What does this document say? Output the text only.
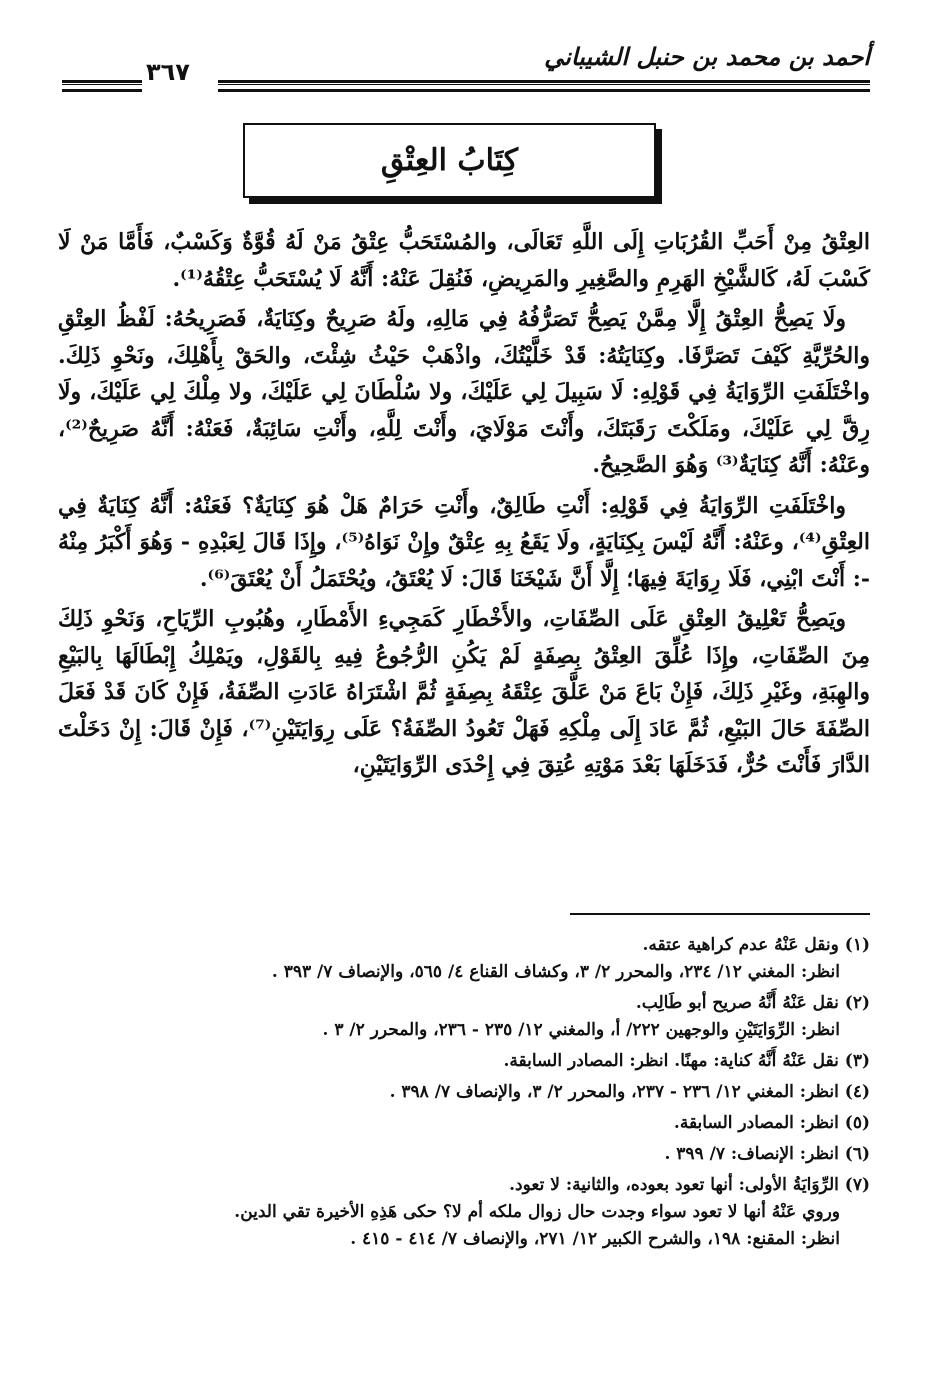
٣٦٧
أحمد بن محمد بن حنبل الشيباني
كِتَابُ العِتْقِ

العِتْقُ مِنْ أَحَبِّ القُرُبَاتِ إِلَى اللَّهِ تَعَالَى، والمُسْتَحَبُّ عِتْقُ مَنْ لَهُ قُوَّةٌ وَكَسْبٌ، فَأَمَّا مَنْ لَا كَسْبَ لَهُ، كَالشَّيْخِ الهَرِمِ والصَّغِيرِ والمَرِيضِ، فَنُقِلَ عَنْهُ: أَنَّهُ لَا يُسْتَحَبُّ عِتْقُهُ⁽¹⁾.

ولَا يَصِحُّ العِتْقُ إِلَّا مِمَّنْ يَصِحُّ تَصَرُّفُهُ فِي مَالِهِ، ولَهُ صَرِيحٌ وكِنَايَةٌ، فَصَرِيحُهُ: لَفْظُ العِتْقِ والحُرِّيَّةِ كَيْفَ تَصَرَّفَا. وكِنَايَتُهُ: قَدْ خَلَّيْتُكَ، واذْهَبْ حَيْثُ شِئْتَ، والحَقْ بِأَهْلِكَ، ونَحْوِ ذَلِكَ. واخْتَلَفَتِ الرِّوَايَةُ فِي قَوْلِهِ: لَا سَبِيلَ لِي عَلَيْكَ، ولا سُلْطَانَ لِي عَلَيْكَ، ولا مِلْكَ لِي عَلَيْكَ، ولَا رِقَّ لِي عَلَيْكَ، ومَلَكْتَ رَقَبَتَكَ، وأَنْتَ مَوْلَايَ، وأَنْتَ لِلَّهِ، وأَنْتِ سَائِبَةٌ، فَعَنْهُ: أَنَّهُ صَرِيحٌ⁽²⁾، وعَنْهُ: أَنَّهُ كِنَايَةٌ⁽³⁾ وَهُوَ الصَّحِيحُ.

واخْتَلَفَتِ الرِّوَايَةُ فِي قَوْلِهِ: أَنْتِ طَالِقٌ، وأَنْتِ حَرَامٌ هَلْ هُوَ كِنَايَةٌ؟ فَعَنْهُ: أَنَّهُ كِنَايَةٌ فِي العِتْقِ⁽⁴⁾، وعَنْهُ: أَنَّهُ لَيْسَ بِكِنَايَةٍ، ولَا يَقَعُ بِهِ عِتْقٌ وإِنْ نَوَاهُ⁽⁵⁾، وإِذَا قَالَ لِعَبْدِهِ - وَهُوَ أَكْبَرُ مِنْهُ -: أَنْتَ ابْنِي، فَلَا رِوَايَةَ فِيهَا؛ إِلَّا أَنَّ شَيْخَنَا قَالَ: لَا يُعْتَقُ، ويُحْتَمَلُ أَنْ يُعْتَقَ⁽⁶⁾.

ويَصِحُّ تَعْلِيقُ العِتْقِ عَلَى الصِّفَاتِ، والأَخْطَارِ كَمَجِيءِ الأَمْطَارِ، وهُبُوبِ الرِّيَاحِ، وَنَحْوِ ذَلِكَ مِنَ الصِّفَاتِ، وإِذَا عُلِّقَ العِتْقُ بِصِفَةٍ لَمْ يَكُنِ الرُّجُوعُ فِيهِ بِالقَوْلِ، ويَمْلِكُ إِبْطَالَهَا بِالبَيْعِ والهِبَةِ، وغَيْرِ ذَلِكَ، فَإِنْ بَاعَ مَنْ عَلَّقَ عِتْقَهُ بِصِفَةٍ ثُمَّ اشْتَرَاهُ عَادَتِ الصِّفَةُ، فَإِنْ كَانَ قَدْ فَعَلَ الصِّفَةَ حَالَ البَيْعِ، ثُمَّ عَادَ إِلَى مِلْكِهِ فَهَلْ تَعُودُ الصِّفَةُ؟ عَلَى رِوَايَتَيْنِ⁽⁷⁾، فَإِنْ قَالَ: إِنْ دَخَلْتَ الدَّارَ فَأَنْتَ حُرٌّ، فَدَخَلَهَا بَعْدَ مَوْتِهِ عُتِقَ فِي إِحْدَى الرِّوَايَتَيْنِ،

(١) ونقل عَنْهُ عدم كراهية عتقه.
انظر: المغني ١٢/ ٢٣٤، والمحرر ٢/ ٣، وكشاف القناع ٤/ ٥٦٥، والإنصاف ٧/ ٣٩٣ .
(٢) نقل عَنْهُ أَنَّهُ صريح أبو طَالِب.
انظر: الرِّوَايَتَيْنِ والوجهين ٢٢٢/ أ، والمغني ١٢/ ٢٣٥ - ٢٣٦، والمحرر ٢/ ٣ .
(٣) نقل عَنْهُ أَنَّهُ كناية: مهنًا. انظر: المصادر السابقة.
(٤) انظر: المغني ١٢/ ٢٣٦ - ٢٣٧، والمحرر ٢/ ٣، والإنصاف ٧/ ٣٩٨ .
(٥) انظر: المصادر السابقة.
(٦) انظر: الإنصاف: ٧/ ٣٩٩ .
(٧) الرِّوَايَةُ الأولى: أنها تعود بعوده، والثانية: لا تعود.
وروي عَنْهُ أنها لا تعود سواء وجدت حال زوال ملكه أم لا؟ حكى هَذِهِ الأخيرة تقي الدين.
انظر: المقنع: ١٩٨، والشرح الكبير ١٢/ ٢٧١، والإنصاف ٧/ ٤١٤ - ٤١٥ .
